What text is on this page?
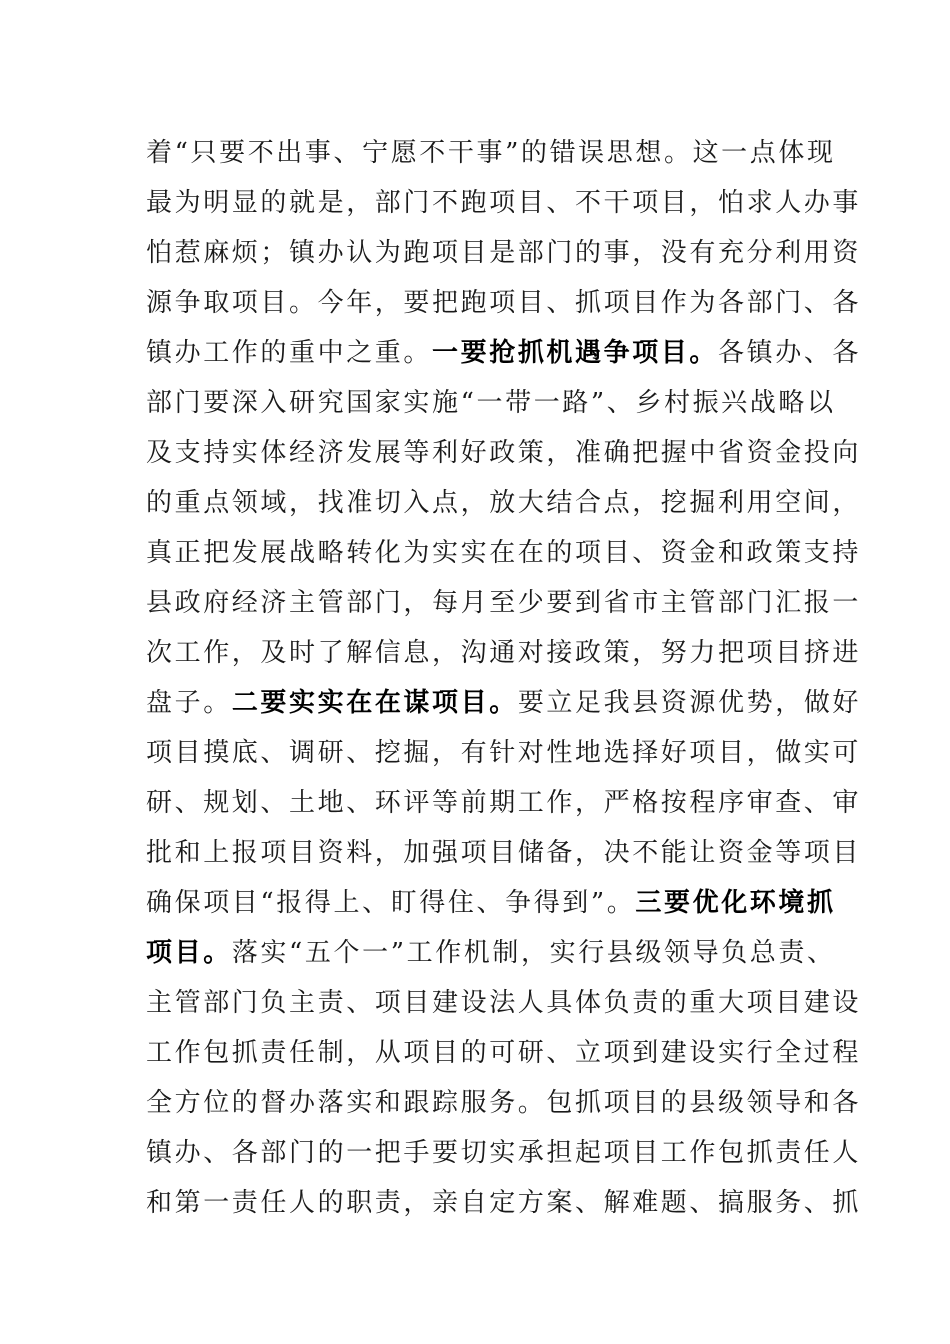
着“只要不出事、宁愿不干事”的错误思想。这一点体现
最为明显的就是，部门不跑项目、不干项目，怕求人办事
怕惹麻烦；镇办认为跑项目是部门的事，没有充分利用资
源争取项目。今年，要把跑项目、抓项目作为各部门、各
镇办工作的重中之重。一要抢抓机遇争项目。各镇办、各
部门要深入研究国家实施“一带一路”、乡村振兴战略以
及支持实体经济发展等利好政策，准确把握中省资金投向
的重点领域，找准切入点，放大结合点，挖掘利用空间，
真正把发展战略转化为实实在在的项目、资金和政策支持
县政府经济主管部门，每月至少要到省市主管部门汇报一
次工作，及时了解信息，沟通对接政策，努力把项目挤进
盘子。二要实实在在谋项目。要立足我县资源优势，做好
项目摸底、调研、挖掘，有针对性地选择好项目，做实可
研、规划、土地、环评等前期工作，严格按程序审查、审
批和上报项目资料，加强项目储备，决不能让资金等项目
确保项目“报得上、盯得住、争得到”。三要优化环境抓
项目。落实“五个一”工作机制，实行县级领导负总责、
主管部门负主责、项目建设法人具体负责的重大项目建设
工作包抓责任制，从项目的可研、立项到建设实行全过程
全方位的督办落实和跟踪服务。包抓项目的县级领导和各
镇办、各部门的一把手要切实承担起项目工作包抓责任人
和第一责任人的职责，亲自定方案、解难题、搞服务、抓
